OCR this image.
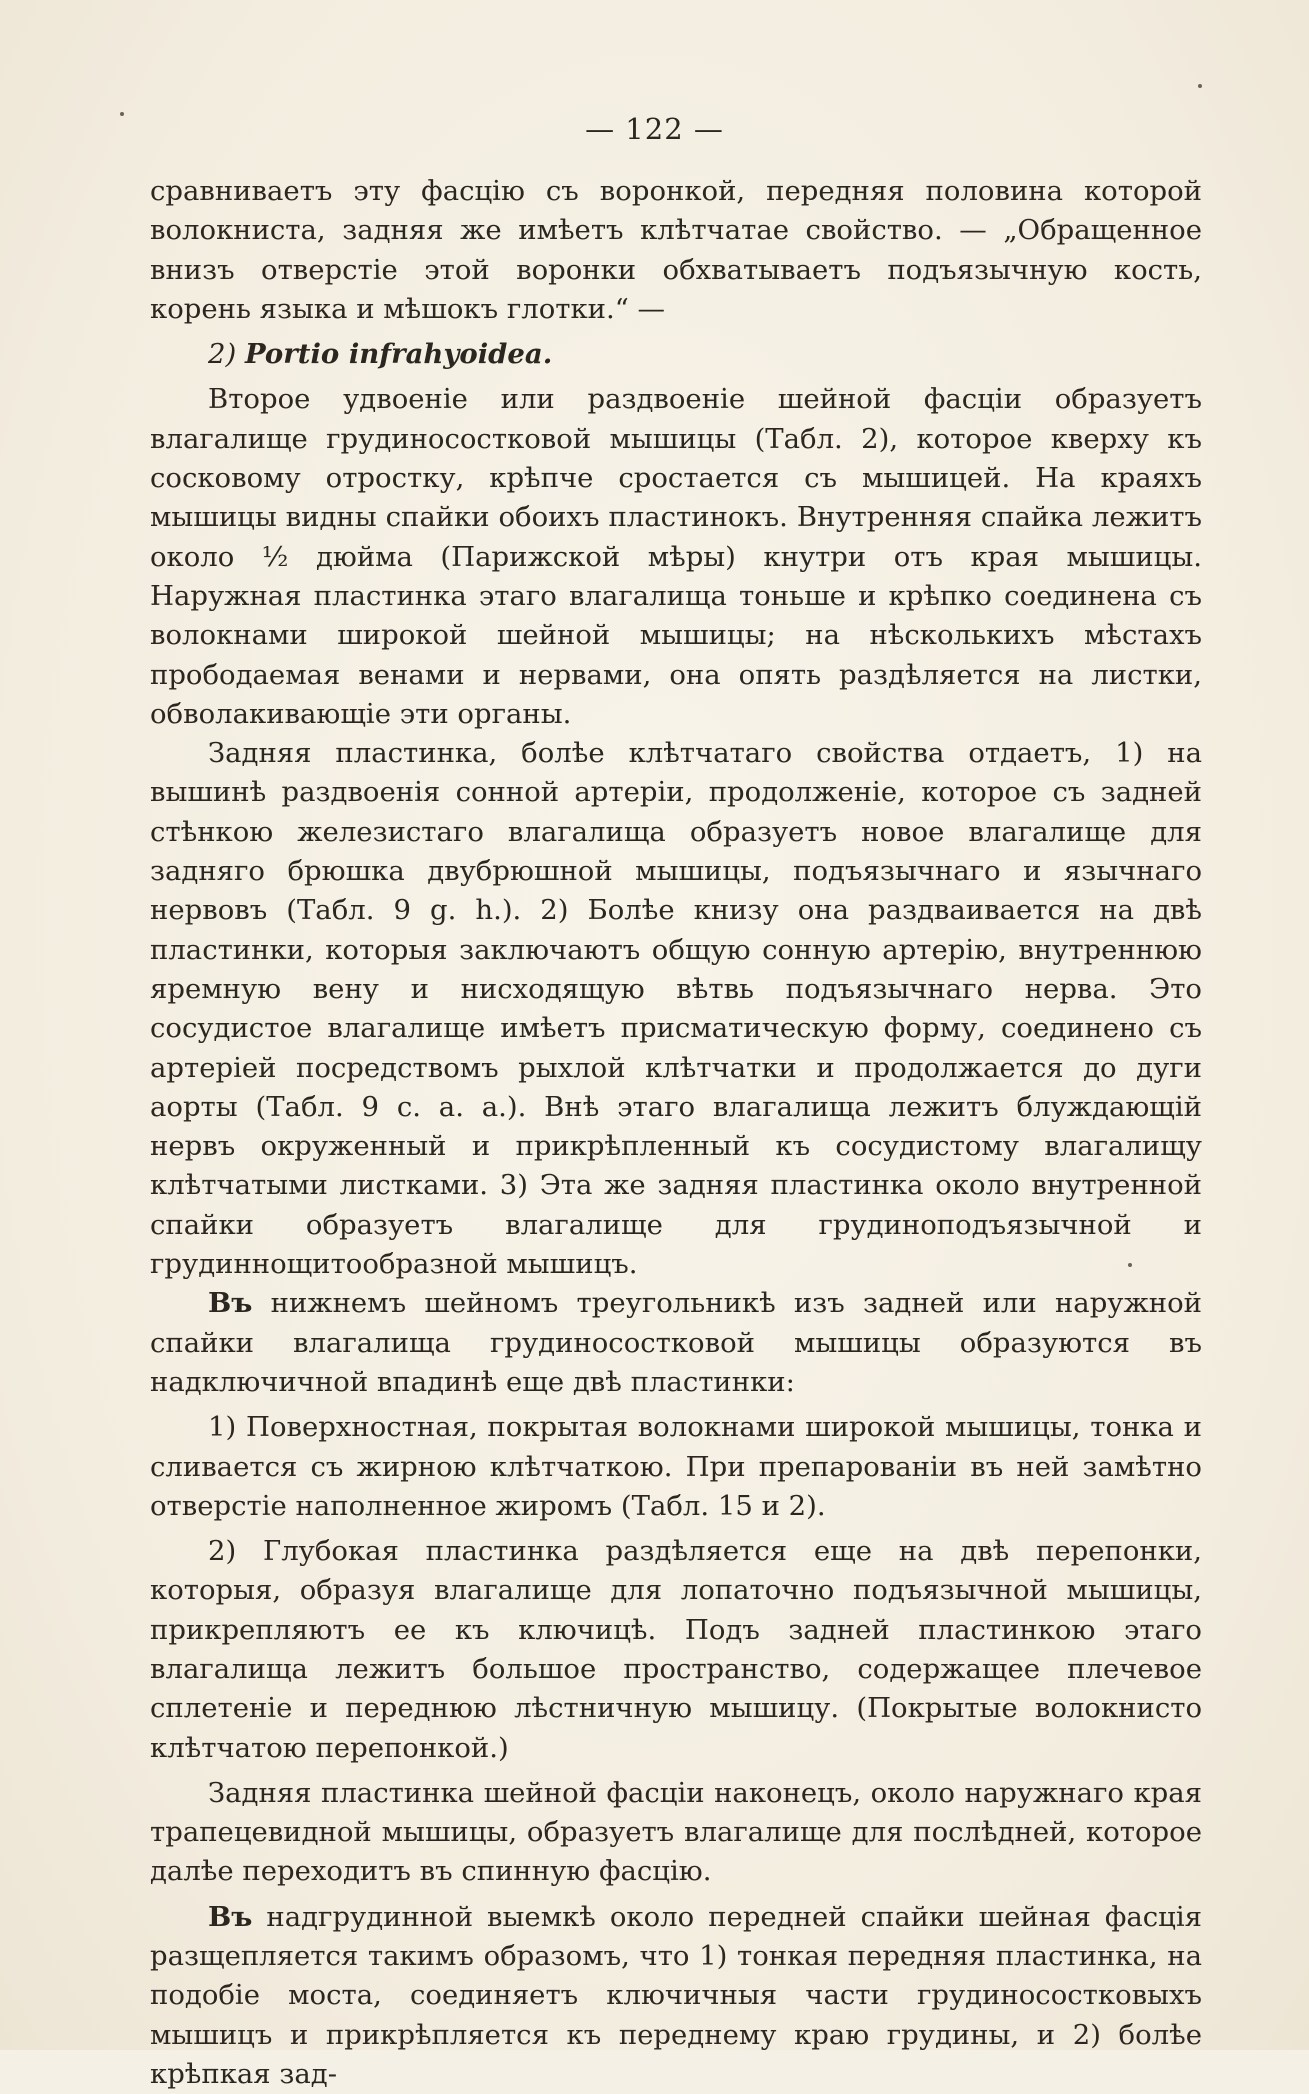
— 122 —

сравниваетъ эту фасцію съ воронкой, передняя половина которой волокниста, задняя же имѣетъ клѣтчатае свойство. — „Обращенное внизъ отверстіе этой воронки обхватываетъ подъязычную кость, корень языка и мѣшокъ глотки.“ —

2) Portio infrahyoidea.

Второе удвоеніе или раздвоеніе шейной фасціи образуетъ влагалище грудиносостковой мышицы (Табл. 2), которое кверху къ сосковому отростку, крѣпче сростается съ мышицей. На краяхъ мышицы видны спайки обоихъ пластинокъ. Внутренняя спайка лежитъ около ½ дюйма (Парижской мѣры) кнутри отъ края мышицы. Наружная пластинка этаго влагалища тоньше и крѣпко соединена съ волокнами широкой шейной мышицы; на нѣсколькихъ мѣстахъ прободаемая венами и нервами, она опять раздѣляется на листки, обволакивающіе эти органы.

Задняя пластинка, болѣе клѣтчатаго свойства отдаетъ, 1) на вышинѣ раздвоенія сонной артеріи, продолженіе, которое съ задней стѣнкою железистаго влагалища образуетъ новое влагалище для задняго брюшка двубрюшной мышицы, подъязычнаго и язычнаго нервовъ (Табл. 9 g. h.). 2) Болѣе книзу она раздваивается на двѣ пластинки, которыя заключаютъ общую сонную артерію, внутреннюю яремную вену и нисходящую вѣтвь подъязычнаго нерва. Это сосудистое влагалище имѣетъ присматическую форму, соединено съ артеріей посредствомъ рыхлой клѣтчатки и продолжается до дуги аорты (Табл. 9 c. a. a.). Внѣ этаго влагалища лежитъ блуждающій нервъ окруженный и прикрѣпленный къ сосудистому влагалищу клѣтчатыми листками. 3) Эта же задняя пластинка около внутренной спайки образуетъ влагалище для грудиноподъязычной и грудиннощитообразной мышицъ.

Въ нижнемъ шейномъ треугольникѣ изъ задней или наружной спайки влагалища грудиносостковой мышицы образуются въ надключичной впадинѣ еще двѣ пластинки:

1) Поверхностная, покрытая волокнами широкой мышицы, тонка и сливается съ жирною клѣтчаткою. При препарованіи въ ней замѣтно отверстіе наполненное жиромъ (Табл. 15 и 2).

2) Глубокая пластинка раздѣляется еще на двѣ перепонки, которыя, образуя влагалище для лопаточно подъязычной мышицы, прикрепляютъ ее къ ключицѣ. Подъ задней пластинкою этаго влагалища лежитъ большое пространство, содержащее плечевое сплетеніе и переднюю лѣстничную мышицу. (Покрытые волокнисто клѣтчатою перепонкой.)

Задняя пластинка шейной фасціи наконецъ, около наружнаго края трапецевидной мышицы, образуетъ влагалище для послѣдней, которое далѣе переходитъ въ спинную фасцію.

Въ надгрудинной выемкѣ около передней спайки шейная фасція разщепляется такимъ образомъ, что 1) тонкая передняя пластинка, на подобіе моста, соединяетъ ключичныя части грудиносостковыхъ мышицъ и прикрѣпляется къ переднему краю грудины, и 2) болѣе крѣпкая зад-
